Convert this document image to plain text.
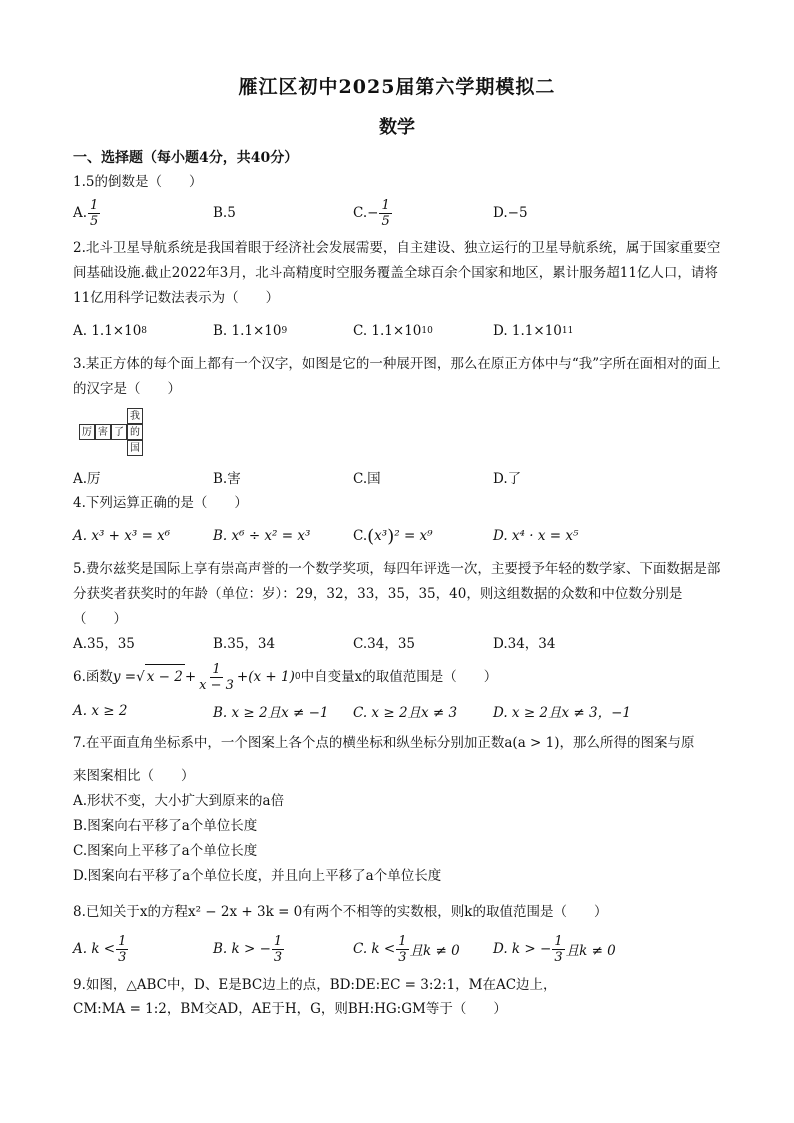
雁江区初中2025届第六学期模拟二
数学
一、选择题（每小题4分，共40分）
1.5的倒数是（　　）
A. $\frac{1}{5}$	B.5	$C.- \frac{1}{5}$	D.−5
2.北斗卫星导航系统是我国着眼于经济社会发展需要，自主建设、独立运行的卫星导航系统，属于国家重要空间基础设施.截止2022年3月，北斗高精度时空服务覆盖全球百余个国家和地区，累计服务超11亿人口，请将11亿用科学记数法表示为（　　）
A. 1.1×10 8	B. 1.1×10 9	C. 1.1×10 10	D. 1.1×10 11
3.某正方体的每个面上都有一个汉字，如图是它的一种展开图，那么在原正方体中与“我”字所在面相对的面上的汉字是（　　）
我
厉 害 了 的
国
A.厉	B.害	C.国	D.了
4.下列运算正确的是（　　）
A. x³ + x³ = x⁶	B. x⁶ ÷ x² = x³	C. ( x³ ) ² = x⁹	D. x⁴ · x = x⁵
5.费尔兹奖是国际上享有崇高声誉的一个数学奖项，每四年评选一次，主要授予年轻的数学家、下面数据是部分获奖者获奖时的年龄（单位：岁）：29，32，33，35，35，40，则这组数据的众数和中位数分别是（　　）
A.35，35	B.35，34	C.34，35	D.34，34
6.函数 y = √ $x - 2 + \frac{1}{x - 3} +(x + 1)$ 0 中自变量x的取值范围是（　　）
A. x ≥ 2	B. x ≥ 2且x ≠ −1 C. x ≥ 2且x ≠ 3	D. x ≥ 2且x ≠ 3，−1
7.在平面直角坐标系中，一个图案上各个点的横坐标和纵坐标分别加正数a(a > 1)，那么所得的图案与原
来图案相比（　　）
A.形状不变，大小扩大到原来的a倍
B.图案向右平移了a个单位长度
C.图案向上平移了a个单位长度
D.图案向右平移了a个单位长度，并且向上平移了a个单位长度
8.已知关于x的方程x² − 2x + 3k = 0有两个不相等的实数根，则k的取值范围是（　　）
A. $k < \frac{1}{3}$	B. k > − $\frac{1}{3}$	C. $k < \frac{1}{3}$ 且k ≠ 0 D. k > − $\frac{1}{3}$ 且k ≠ 0
9.如图，△ABC中，D、E是BC边上的点，BD:DE:EC = 3:2:1，M在AC边上，
CM:MA = 1:2，BM交AD，AE于H，G，则BH:HG:GM等于（　　）
